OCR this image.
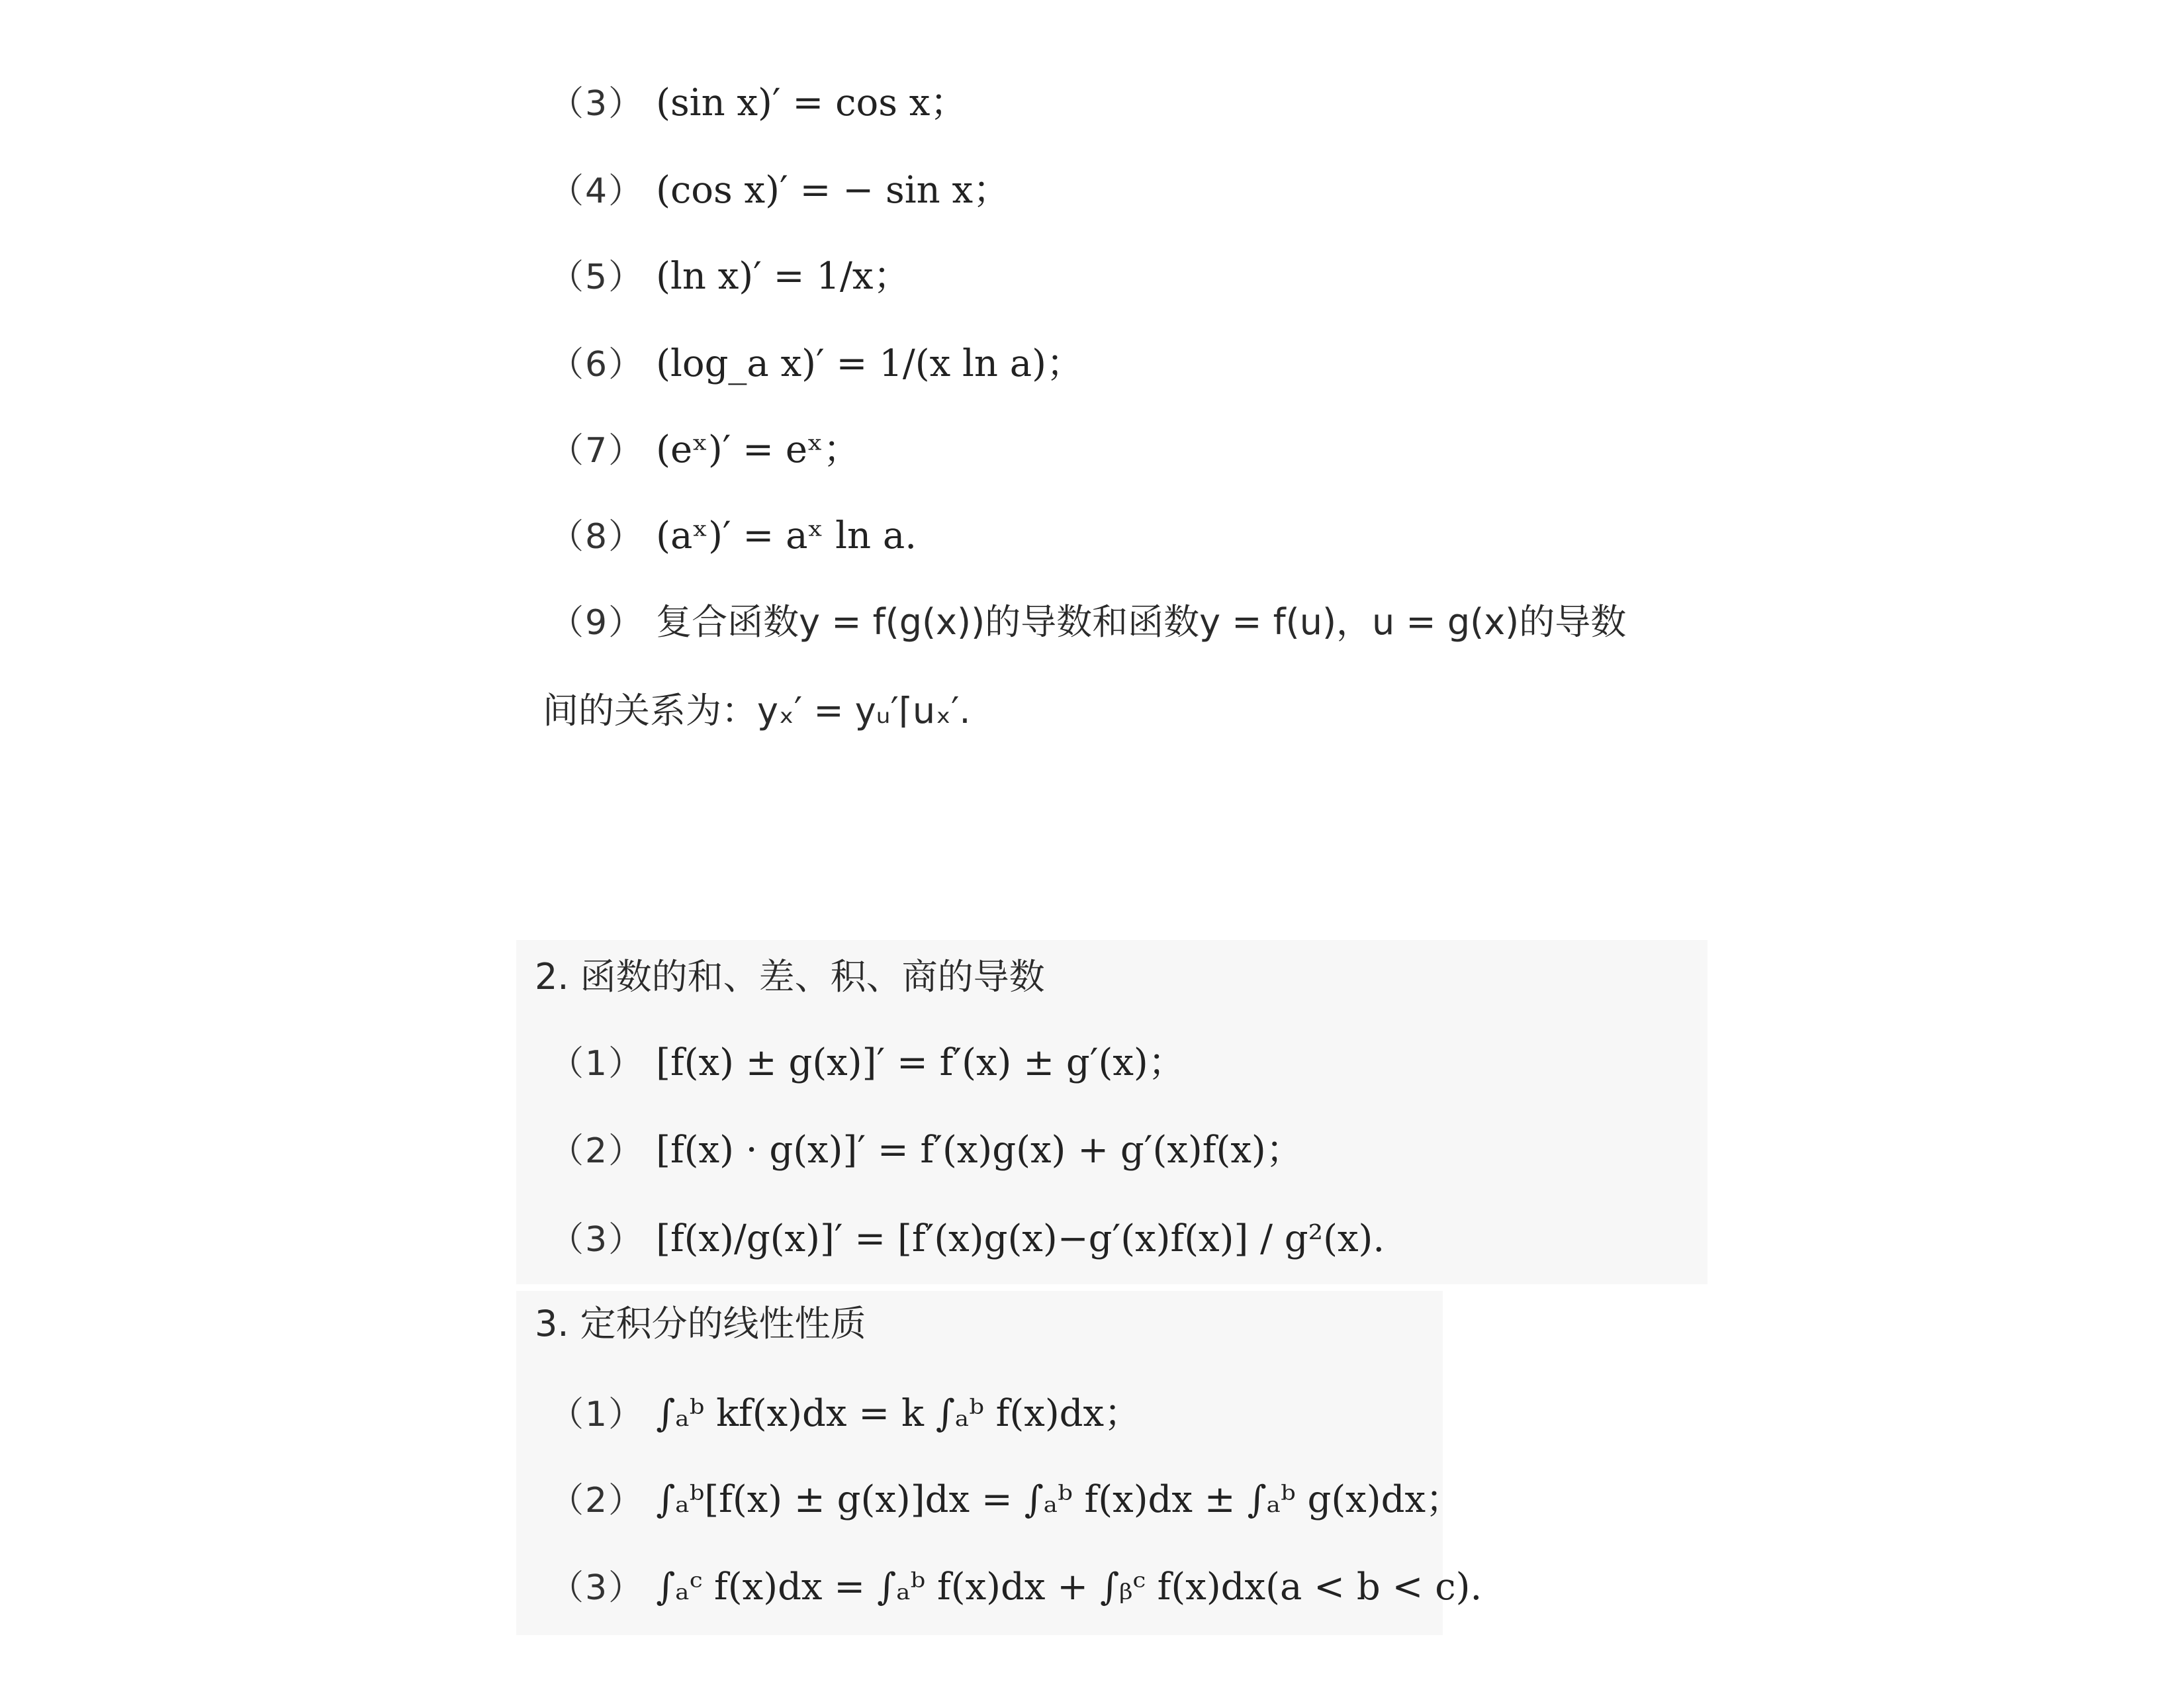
（3） (sin x)′ = cos x；
（4） (cos x)′ = − sin x；
（5） (ln x)′ = 1/x；
（6） (log_a x)′ = 1/(x ln a)；
（7） (eˣ)′ = eˣ；
（8） (aˣ)′ = aˣ ln a.
（9） 复合函数y = f(g(x))的导数和函数y = f(u)，u = g(x)的导数
间的关系为：yₓ′ = yᵤ′⌈uₓ′.
2. 函数的和、差、积、商的导数
（1） [f(x) ± g(x)]′ = f′(x) ± g′(x)；
（2） [f(x) · g(x)]′ = f′(x)g(x) + g′(x)f(x)；
（3） [f(x)/g(x)]′ = [f′(x)g(x)−g′(x)f(x)] / g²(x).
3. 定积分的线性性质
（1） ∫ₐᵇ kf(x)dx = k ∫ₐᵇ f(x)dx；
（2） ∫ₐᵇ[f(x) ± g(x)]dx = ∫ₐᵇ f(x)dx ± ∫ₐᵇ g(x)dx；
（3） ∫ₐᶜ f(x)dx = ∫ₐᵇ f(x)dx + ∫ᵦᶜ f(x)dx(a < b < c).
